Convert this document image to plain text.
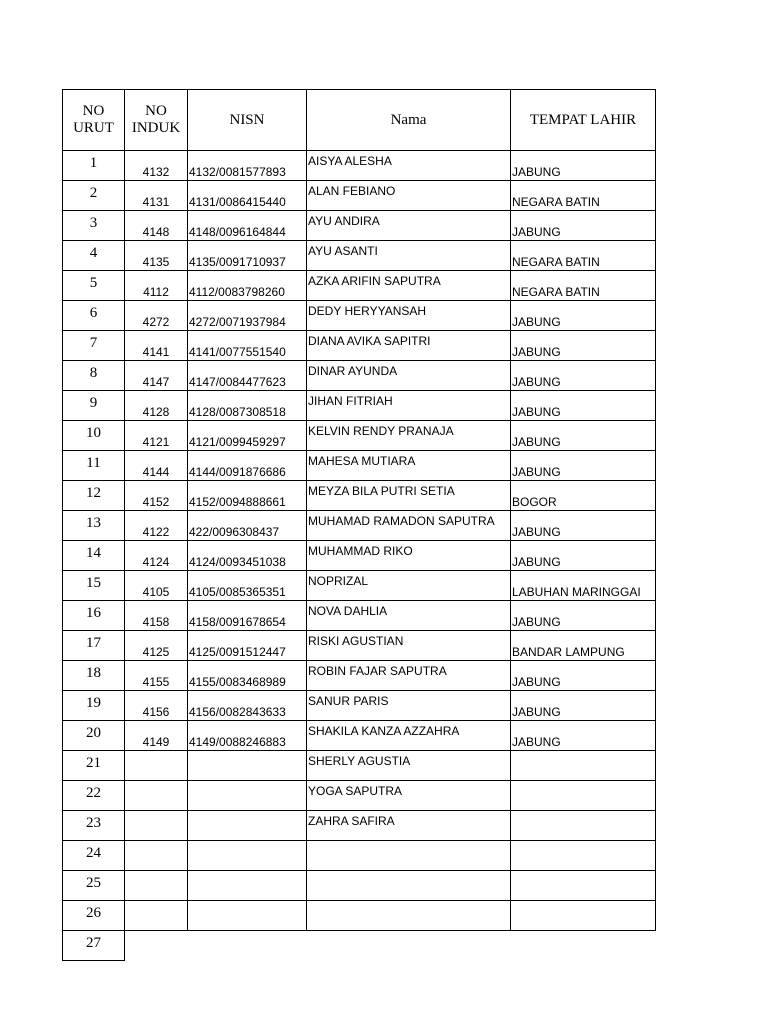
NO URUT	NO INDUK	NISN	Nama	TEMPAT LAHIR
1	4132	4132/0081577893	AISYA ALESHA	JABUNG
2	4131	4131/0086415440	ALAN FEBIANO	NEGARA BATIN
3	4148	4148/0096164844	AYU ANDIRA	JABUNG
4	4135	4135/0091710937	AYU ASANTI	NEGARA BATIN
5	4112	4112/0083798260	AZKA ARIFIN SAPUTRA	NEGARA BATIN
6	4272	4272/0071937984	DEDY HERYYANSAH	JABUNG
7	4141	4141/0077551540	DIANA AVIKA SAPITRI	JABUNG
8	4147	4147/0084477623	DINAR AYUNDA	JABUNG
9	4128	4128/0087308518	JIHAN FITRIAH	JABUNG
10	4121	4121/0099459297	KELVIN RENDY PRANAJA	JABUNG
11	4144	4144/0091876686	MAHESA MUTIARA	JABUNG
12	4152	4152/0094888661	MEYZA BILA PUTRI SETIA	BOGOR
13	4122	422/0096308437	MUHAMAD RAMADON SAPUTRA	JABUNG
14	4124	4124/0093451038	MUHAMMAD RIKO	JABUNG
15	4105	4105/0085365351	NOPRIZAL	LABUHAN MARINGGAI
16	4158	4158/0091678654	NOVA DAHLIA	JABUNG
17	4125	4125/0091512447	RISKI AGUSTIAN	BANDAR LAMPUNG
18	4155	4155/0083468989	ROBIN FAJAR SAPUTRA	JABUNG
19	4156	4156/0082843633	SANUR PARIS	JABUNG
20	4149	4149/0088246883	SHAKILA KANZA AZZAHRA	JABUNG
21			SHERLY AGUSTIA	
22			YOGA SAPUTRA	
23			ZAHRA SAFIRA	
24				
25				
26				
27				
